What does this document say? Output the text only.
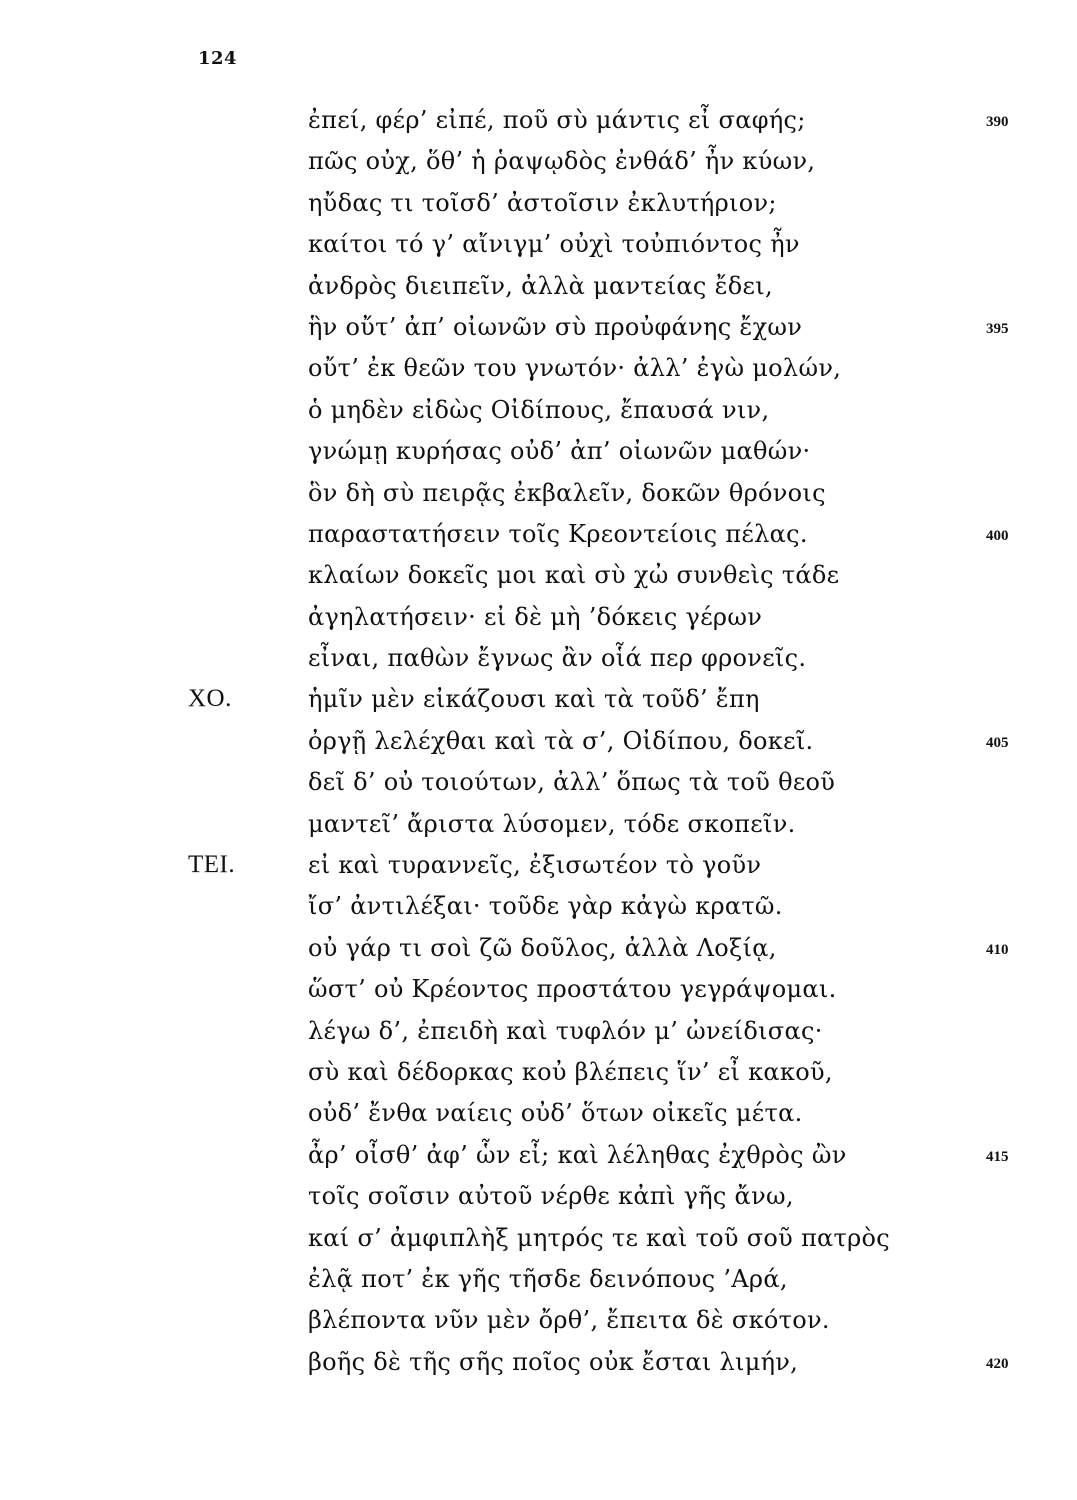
124
ἐπεί, φέρ’ εἰπέ, ποῦ σὺ μάντις εἶ σαφής;	390
πῶς οὐχ, ὅθ’ ἡ ῥαψῳδὸς ἐνθάδ’ ἦν κύων,
ηὔδας τι τοῖσδ’ ἀστοῖσιν ἐκλυτήριον;
καίτοι τό γ’ αἴνιγμ’ οὐχὶ τοὐπιόντος ἦν
ἀνδρὸς διειπεῖν, ἀλλὰ μαντείας ἔδει,
ἣν οὔτ’ ἀπ’ οἰωνῶν σὺ προὐφάνης ἔχων	395
οὔτ’ ἐκ θεῶν του γνωτόν· ἀλλ’ ἐγὼ μολών,
ὁ μηδὲν εἰδὼς Οἰδίπους, ἔπαυσά νιν,
γνώμῃ κυρήσας οὐδ’ ἀπ’ οἰωνῶν μαθών·
ὃν δὴ σὺ πειρᾷς ἐκβαλεῖν, δοκῶν θρόνοις
παραστατήσειν τοῖς Κρεοντείοις πέλας.	400
κλαίων δοκεῖς μοι καὶ σὺ χὠ συνθεὶς τάδε
ἀγηλατήσειν· εἰ δὲ μὴ ’δόκεις γέρων
εἶναι, παθὼν ἔγνως ἂν οἷά περ φρονεῖς.
ΧΟ.	ἡμῖν μὲν εἰκάζουσι καὶ τὰ τοῦδ’ ἔπη
ὀργῇ λελέχθαι καὶ τὰ σ’, Οἰδίπου, δοκεῖ.	405
δεῖ δ’ οὐ τοιούτων, ἀλλ’ ὅπως τὰ τοῦ θεοῦ
μαντεῖ’ ἄριστα λύσομεν, τόδε σκοπεῖν.
ΤΕΙ.	εἰ καὶ τυραννεῖς, ἐξισωτέον τὸ γοῦν
ἴσ’ ἀντιλέξαι· τοῦδε γὰρ κἀγὼ κρατῶ.
οὐ γάρ τι σοὶ ζῶ δοῦλος, ἀλλὰ Λοξίᾳ,	410
ὥστ’ οὐ Κρέοντος προστάτου γεγράψομαι.
λέγω δ’, ἐπειδὴ καὶ τυφλόν μ’ ὠνείδισας·
σὺ καὶ δέδορκας κοὐ βλέπεις ἵν’ εἶ κακοῦ,
οὐδ’ ἔνθα ναίεις οὐδ’ ὅτων οἰκεῖς μέτα.
ἆρ’ οἶσθ’ ἀφ’ ὧν εἶ; καὶ λέληθας ἐχθρὸς ὢν	415
τοῖς σοῖσιν αὐτοῦ νέρθε κἀπὶ γῆς ἄνω,
καί σ’ ἀμφιπλὴξ μητρός τε καὶ τοῦ σοῦ πατρὸς
ἐλᾷ ποτ’ ἐκ γῆς τῆσδε δεινόπους ’Αρά,
βλέποντα νῦν μὲν ὄρθ’, ἔπειτα δὲ σκότον.
βοῆς δὲ τῆς σῆς ποῖος οὐκ ἔσται λιμήν,	420
